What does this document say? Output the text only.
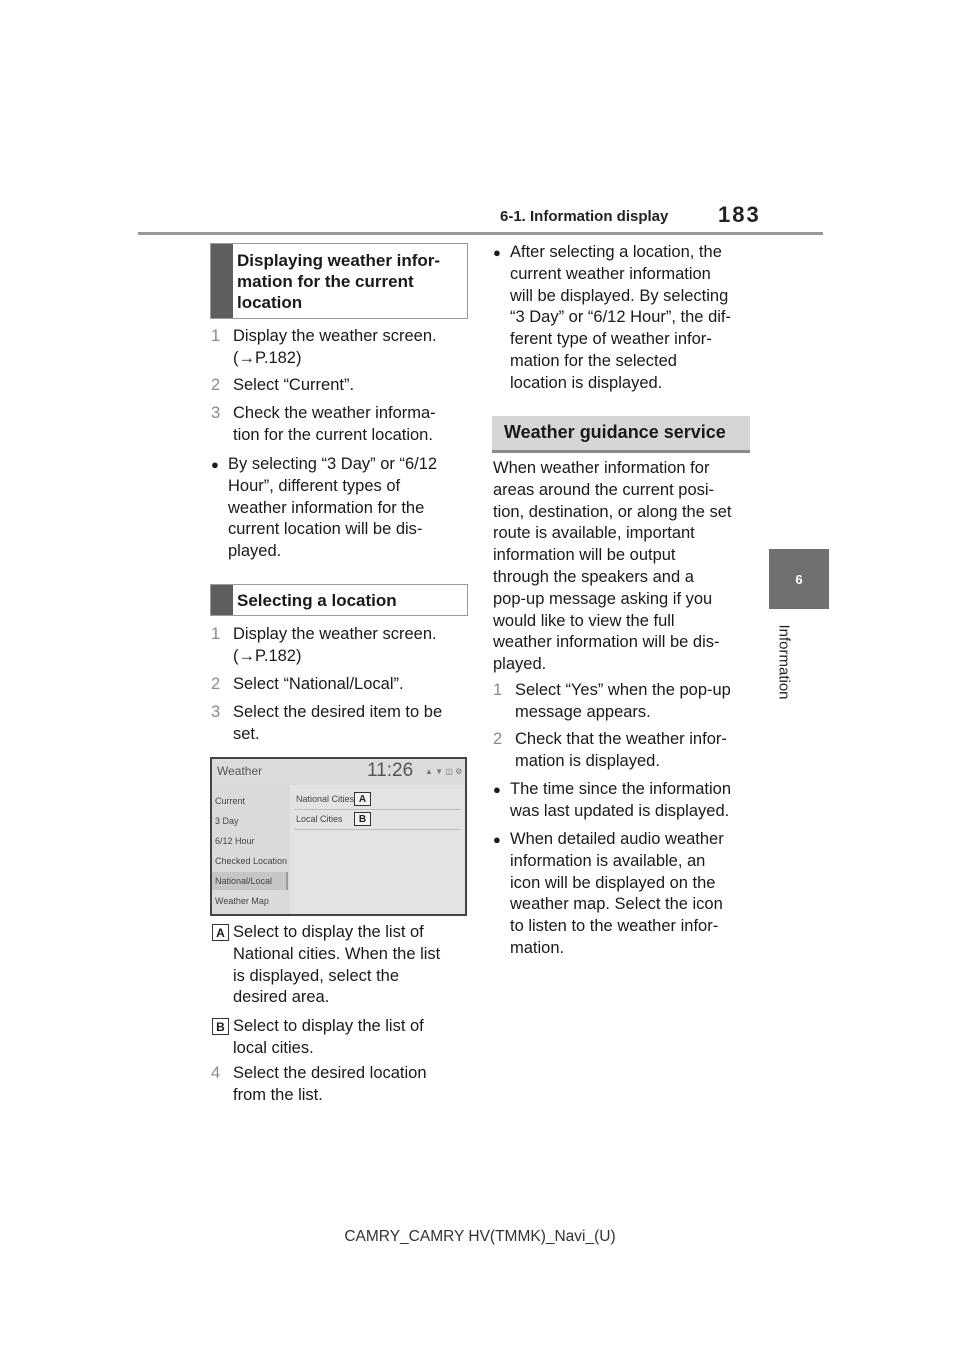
6-1. Information display 183
6
Information
Displaying weather infor-
mation for the current
location
1 Display the weather screen.
(→P.182)
2 Select “Current”.
3 Check the weather informa-
tion for the current location.
● By selecting “3 Day” or “6/12
Hour”, different types of
weather information for the
current location will be dis-
played.
Selecting a location
1 Display the weather screen.
(→P.182)
2 Select “National/Local”.
3 Select the desired item to be
set.
Weather	11:26 ▲ ▼ ◫ ⚙
Current
3 Day
6/12 Hour
Checked Location
National/Local
Weather Map
National Cities A
Local Cities	B
A Select to display the list of
National cities. When the list
is displayed, select the
desired area.
B Select to display the list of
local cities.
4 Select the desired location
from the list.
● After selecting a location, the
current weather information
will be displayed. By selecting
“3 Day” or “6/12 Hour”, the dif-
ferent type of weather infor-
mation for the selected
location is displayed.
Weather guidance service
When weather information for
areas around the current posi-
tion, destination, or along the set
route is available, important
information will be output
through the speakers and a
pop-up message asking if you
would like to view the full
weather information will be dis-
played.
1 Select “Yes” when the pop-up
message appears.
2 Check that the weather infor-
mation is displayed.
● The time since the information
was last updated is displayed.
● When detailed audio weather
information is available, an
icon will be displayed on the
weather map. Select the icon
to listen to the weather infor-
mation.
CAMRY_CAMRY HV(TMMK)_Navi_(U)
